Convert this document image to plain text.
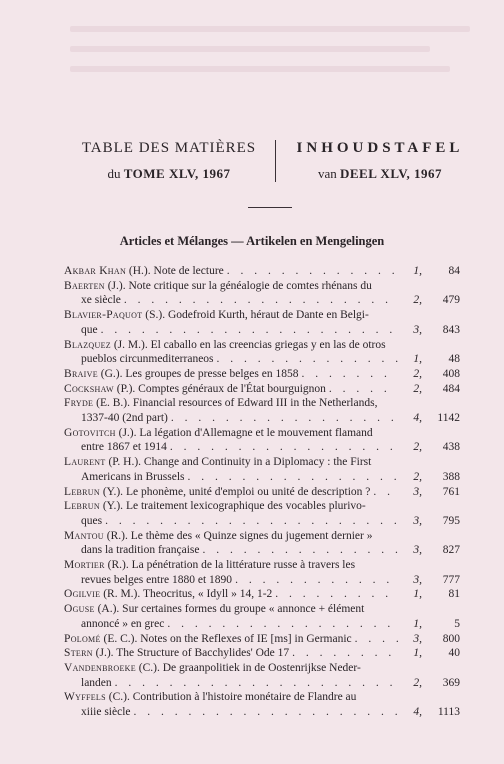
TABLE DES MATIÈRES
du TOME XLV, 1967
INHOUDSTAFEL
van DEEL XLV, 1967
Articles et Mélanges — Artikelen en Mengelingen
Akbar Khan (H.). Note de lecture . . .	1,	84
Baerten (J.). Note critique sur la généalogie de comtes rhénans du
xe siècle . . .	2,	479
Blavier-Paquot (S.). Godefroid Kurth, héraut de Dante en Belgi-
que . . .	3,	843
Blazquez (J. M.). El caballo en las creencias griegas y en las de otros
pueblos circunmediterraneos . . .	1,	48
Braive (G.). Les groupes de presse belges en 1858 . . .	2,	408
Cockshaw (P.). Comptes généraux de l'État bourguignon . . .	2,	484
Fryde (E. B.). Financial resources of Edward III in the Netherlands,
1337-40 (2nd part) . . .	4,	1142
Gotovitch (J.). La légation d'Allemagne et le mouvement flamand
entre 1867 et 1914 . . .	2,	438
Laurent (P. H.). Change and Continuity in a Diplomacy : the First
Americans in Brussels . . .	2,	388
Lebrun (Y.). Le phonème, unité d'emploi ou unité de description ? . . .	3,	761
Lebrun (Y.). Le traitement lexicographique des vocables plurivo-
ques . . .	3,	795
Mantou (R.). Le thème des « Quinze signes du jugement dernier »
dans la tradition française . . .	3,	827
Mortier (R.). La pénétration de la littérature russe à travers les
revues belges entre 1880 et 1890 . . .	3,	777
Ogilvie (R. M.). Theocritus, « Idyll » 14, 1-2 . . .	1,	81
Oguse (A.). Sur certaines formes du groupe « annonce + élément
annoncé » en grec . . .	1,	5
Polomé (E. C.). Notes on the Reflexes of IE [ms] in Germanic . . .	3,	800
Stern (J.). The Structure of Bacchylides' Ode 17 . . .	1,	40
Vandenbroeke (C.). De graanpolitiek in de Oostenrijkse Neder-
landen . . .	2,	369
Wyffels (C.). Contribution à l'histoire monétaire de Flandre au
xiiie siècle . . .	4,	1113
